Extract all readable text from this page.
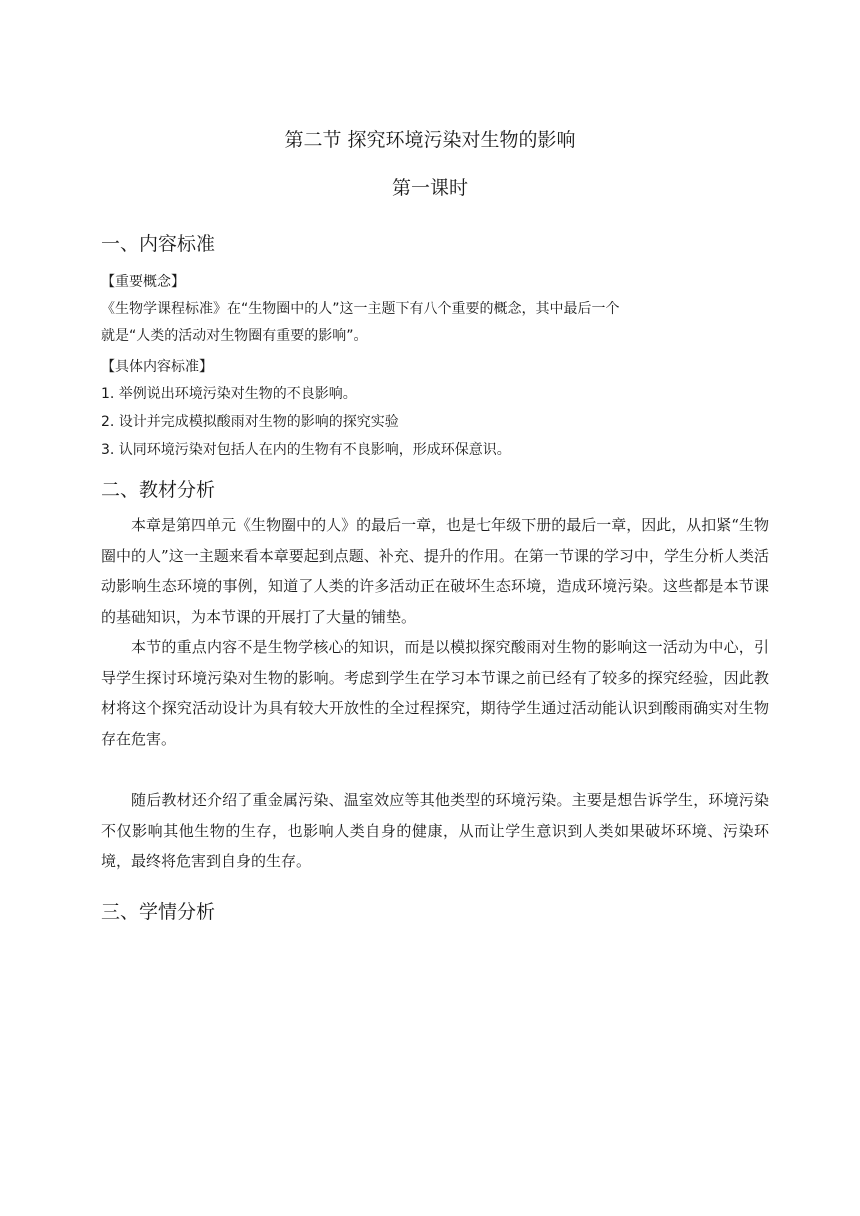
第二节 探究环境污染对生物的影响
第一课时
一、内容标准
【重要概念】
《生物学课程标准》在“生物圈中的人”这一主题下有八个重要的概念，其中最后一个
就是“人类的活动对生物圈有重要的影响”。
【具体内容标准】
1. 举例说出环境污染对生物的不良影响。
2. 设计并完成模拟酸雨对生物的影响的探究实验
3. 认同环境污染对包括人在内的生物有不良影响，形成环保意识。
二、教材分析
本章是第四单元《生物圈中的人》的最后一章，也是七年级下册的最后一章，因此，从扣紧“生物圈中的人”这一主题来看本章要起到点题、补充、提升的作用。在第一节课的学习中，学生分析人类活动影响生态环境的事例，知道了人类的许多活动正在破坏生态环境，造成环境污染。这些都是本节课的基础知识，为本节课的开展打了大量的铺垫。
本节的重点内容不是生物学核心的知识，而是以模拟探究酸雨对生物的影响这一活动为中心，引导学生探讨环境污染对生物的影响。考虑到学生在学习本节课之前已经有了较多的探究经验，因此教材将这个探究活动设计为具有较大开放性的全过程探究，期待学生通过活动能认识到酸雨确实对生物存在危害。
随后教材还介绍了重金属污染、温室效应等其他类型的环境污染。主要是想告诉学生，环境污染不仅影响其他生物的生存，也影响人类自身的健康，从而让学生意识到人类如果破坏环境、污染环境，最终将危害到自身的生存。
三、学情分析
